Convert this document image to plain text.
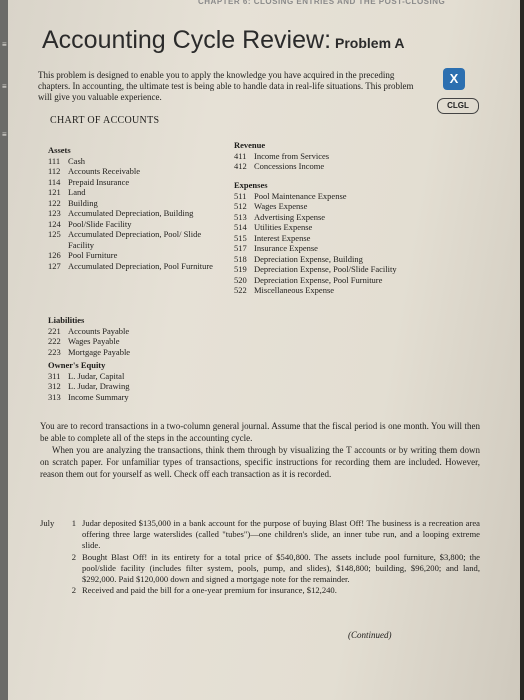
≡
≡
≡
CHAPTER 6: CLOSING ENTRIES AND THE POST-CLOSING
Accounting Cycle Review: Problem A
X
CLGL
This problem is designed to enable you to apply the knowledge you have acquired in the preceding chapters. In accounting, the ultimate test is being able to handle data in real-life situations. This problem will give you valuable experience.
CHART OF ACCOUNTS
Assets
111 Cash
112 Accounts Receivable
114 Prepaid Insurance
121 Land
122 Building
123 Accumulated Depreciation, Building
124 Pool/Slide Facility
125 Accumulated Depreciation, Pool/ Slide Facility
126 Pool Furniture
127 Accumulated Depreciation, Pool Furniture
Liabilities
221 Accounts Payable
222 Wages Payable
223 Mortgage Payable
Owner's Equity
311 L. Judar, Capital
312 L. Judar, Drawing
313 Income Summary
Revenue
411 Income from Services
412 Concessions Income
Expenses
511 Pool Maintenance Expense
512 Wages Expense
513 Advertising Expense
514 Utilities Expense
515 Interest Expense
517 Insurance Expense
518 Depreciation Expense, Building
519 Depreciation Expense, Pool/Slide Facility
520 Depreciation Expense, Pool Furniture
522 Miscellaneous Expense
You are to record transactions in a two-column general journal. Assume that the fiscal period is one month. You will then be able to complete all of the steps in the accounting cycle.
When you are analyzing the transactions, think them through by visualizing the T accounts or by writing them down on scratch paper. For unfamiliar types of transactions, specific instructions for recording them are included. However, reason them out for yourself as well. Check off each transaction as it is recorded.
July	1 Judar deposited $135,000 in a bank account for the purpose of buying Blast Off! The business is a recreation area offering three large waterslides (called "tubes")—one children's slide, an inner tube run, and a looping extreme slide.
2 Bought Blast Off! in its entirety for a total price of $540,800. The assets include pool furniture, $3,800; the pool/slide facility (includes filter system, pools, pump, and slides), $148,800; building, $96,200; and land, $292,000. Paid $120,000 down and signed a mortgage note for the remainder.
2 Received and paid the bill for a one-year premium for insurance, $12,240.
(Continued)
